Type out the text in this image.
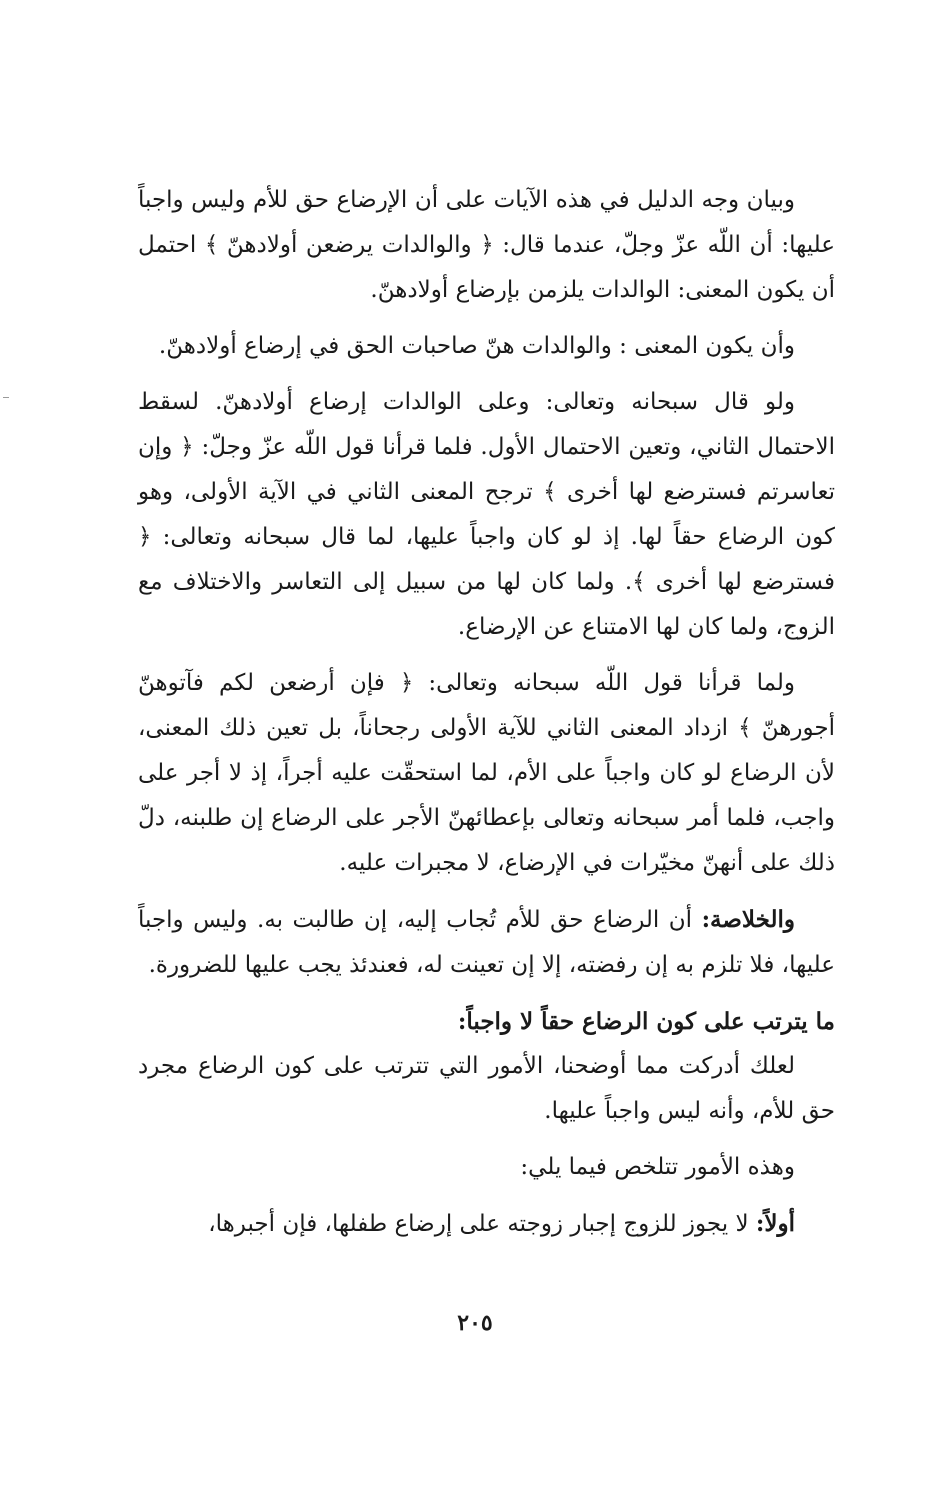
وبيان وجه الدليل في هذه الآيات على أن الإرضاع حق للأم وليس واجباً عليها: أن اللّه عزّ وجلّ، عندما قال: ﴿ والوالدات يرضعن أولادهنّ ﴾ احتمل أن يكون المعنى: الوالدات يلزمن بإرضاع أولادهنّ.

وأن يكون المعنى : والوالدات هنّ صاحبات الحق في إرضاع أولادهنّ.

ولو قال سبحانه وتعالى: وعلى الوالدات إرضاع أولادهنّ. لسقط الاحتمال الثاني، وتعين الاحتمال الأول. فلما قرأنا قول اللّه عزّ وجلّ: ﴿ وإن تعاسرتم فسترضع لها أخرى ﴾ ترجح المعنى الثاني في الآية الأولى، وهو كون الرضاع حقاً لها. إذ لو كان واجباً عليها، لما قال سبحانه وتعالى: ﴿ فسترضع لها أخرى ﴾. ولما كان لها من سبيل إلى التعاسر والاختلاف مع الزوج، ولما كان لها الامتناع عن الإرضاع.

ولما قرأنا قول اللّه سبحانه وتعالى: ﴿ فإن أرضعن لكم فآتوهنّ أجورهنّ ﴾ ازداد المعنى الثاني للآية الأولى رجحاناً، بل تعين ذلك المعنى، لأن الرضاع لو كان واجباً على الأم، لما استحقّت عليه أجراً، إذ لا أجر على واجب، فلما أمر سبحانه وتعالى بإعطائهنّ الأجر على الرضاع إن طلبنه، دلّ ذلك على أنهنّ مخيّرات في الإرضاع، لا مجبرات عليه.

والخلاصة: أن الرضاع حق للأم تُجاب إليه، إن طالبت به. وليس واجباً عليها، فلا تلزم به إن رفضته، إلا إن تعينت له، فعندئذ يجب عليها للضرورة.

ما يترتب على كون الرضاع حقاً لا واجباً:

لعلك أدركت مما أوضحنا، الأمور التي تترتب على كون الرضاع مجرد حق للأم، وأنه ليس واجباً عليها.

وهذه الأمور تتلخص فيما يلي:

أولاً: لا يجوز للزوج إجبار زوجته على إرضاع طفلها، فإن أجبرها،

٢٠٥
